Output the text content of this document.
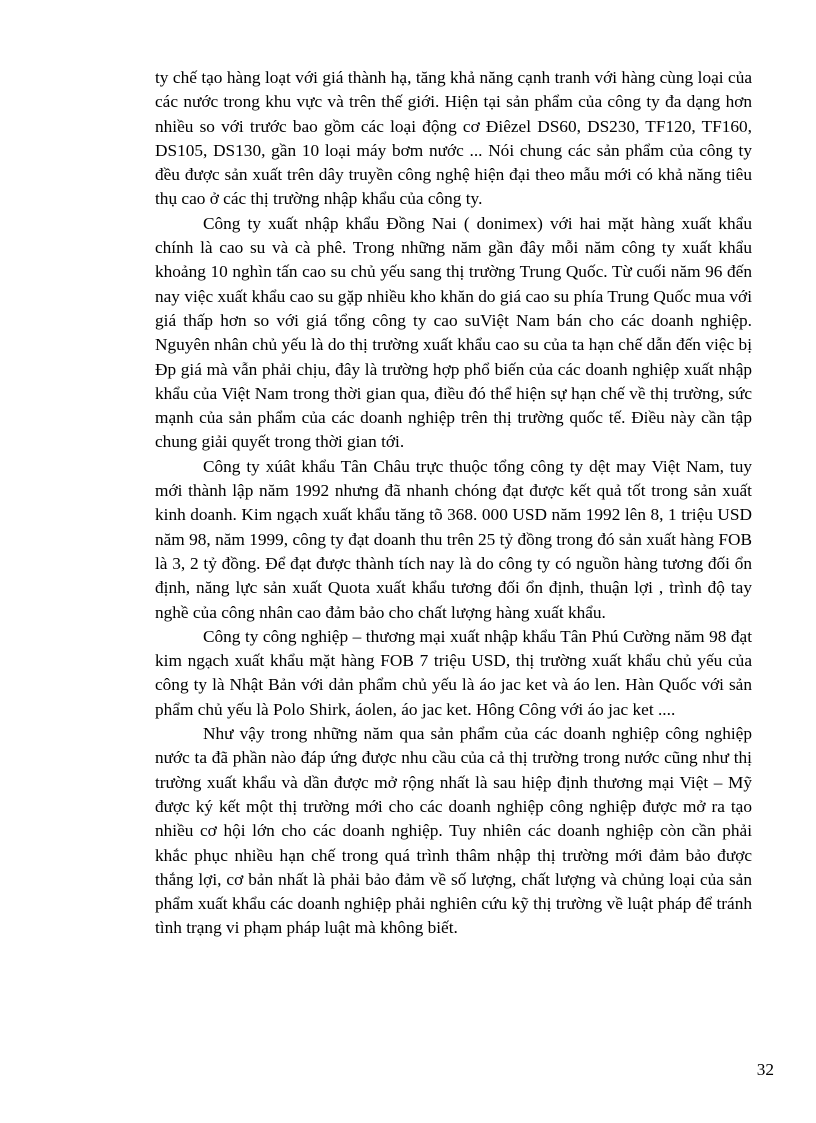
ty chế tạo hàng loạt với giá thành hạ, tăng khả năng cạnh tranh với hàng cùng loại của các nước trong khu vực và trên thế giới. Hiện tại sản phẩm của công ty đa dạng hơn nhiều so với trước bao gồm các loại động cơ Điêzel DS60, DS230, TF120, TF160, DS105, DS130, gần 10 loại máy bơm nước ... Nói chung các sản phẩm của công ty đều được sản xuất trên dây truyền công nghệ hiện đại theo mẫu mới có khả năng tiêu thụ cao ở các thị trường nhập khẩu của công ty.

Công ty xuất nhập khẩu Đồng Nai ( donimex) với hai mặt hàng xuất khẩu chính là cao su và cà phê. Trong những năm gần đây mỗi năm công ty xuất khẩu khoảng 10 nghìn tấn cao su chủ yếu sang thị trường Trung Quốc. Từ cuối năm 96 đến nay việc xuất khẩu cao su gặp nhiều kho khăn do giá cao su phía Trung Quốc mua với giá thấp hơn so với giá tổng công ty cao suViệt Nam bán cho các doanh nghiệp. Nguyên nhân chủ yếu là do thị trường xuất khẩu cao su của ta hạn chế dẫn đến việc bị Đp giá mà vẫn phải chịu, đây là trường hợp phổ biến của các doanh nghiệp xuất nhập khẩu của Việt Nam trong thời gian qua, điều đó thể hiện sự hạn chế về thị trường, sức mạnh của sản phẩm của các doanh nghiệp trên thị trường quốc tế. Điều này cần tập chung giải quyết trong thời gian tới.

Công ty xúât khẩu Tân Châu trực thuộc tổng công ty dệt may Việt Nam, tuy mới thành lập năm 1992 nhưng đã nhanh chóng đạt được kết quả tốt trong sản xuất kinh doanh. Kim ngạch xuất khẩu tăng tõ 368. 000 USD năm 1992 lên 8, 1 triệu USD năm 98, năm 1999, công ty đạt doanh thu trên 25 tỷ đồng trong đó sản xuất hàng FOB là 3, 2 tỷ đồng. Để đạt được thành tích nay là do công ty có nguồn hàng tương đối ổn định, năng lực sản xuất Quota xuất khẩu tương đối ổn định, thuận lợi , trình độ tay nghề của công nhân cao đảm bảo cho chất lượng hàng xuất khẩu.

Công ty công nghiệp – thương mại xuất nhập khẩu Tân Phú Cường năm 98 đạt kim ngạch xuất khẩu mặt hàng FOB 7 triệu USD, thị trường xuất khẩu chủ yếu của công ty là Nhật Bản với dản phẩm chủ yếu là áo jac ket và áo len. Hàn Quốc với sản phẩm chủ yếu là Polo Shirk, áolen, áo jac ket. Hông Công với áo jac ket ....

Như vậy trong những năm qua sản phẩm của các doanh nghiệp công nghiệp nước ta đã phần nào đáp ứng được nhu cầu của cả thị trường trong nước cũng như thị trường xuất khẩu và dần được mở rộng nhất là sau hiệp định thương mại Việt – Mỹ được ký kết một thị trường mới cho các doanh nghiệp công nghiệp được mở ra tạo nhiều cơ hội lớn cho các doanh nghiệp. Tuy nhiên các doanh nghiệp còn cần phải khắc phục nhiều hạn chế trong quá trình thâm nhập thị trường mới đảm bảo được thắng lợi, cơ bản nhất là phải bảo đảm về số lượng, chất lượng và chủng loại của sản phẩm xuất khẩu các doanh nghiệp phải nghiên cứu kỹ thị trường về luật pháp để tránh tình trạng vi phạm pháp luật mà không biết.

32
